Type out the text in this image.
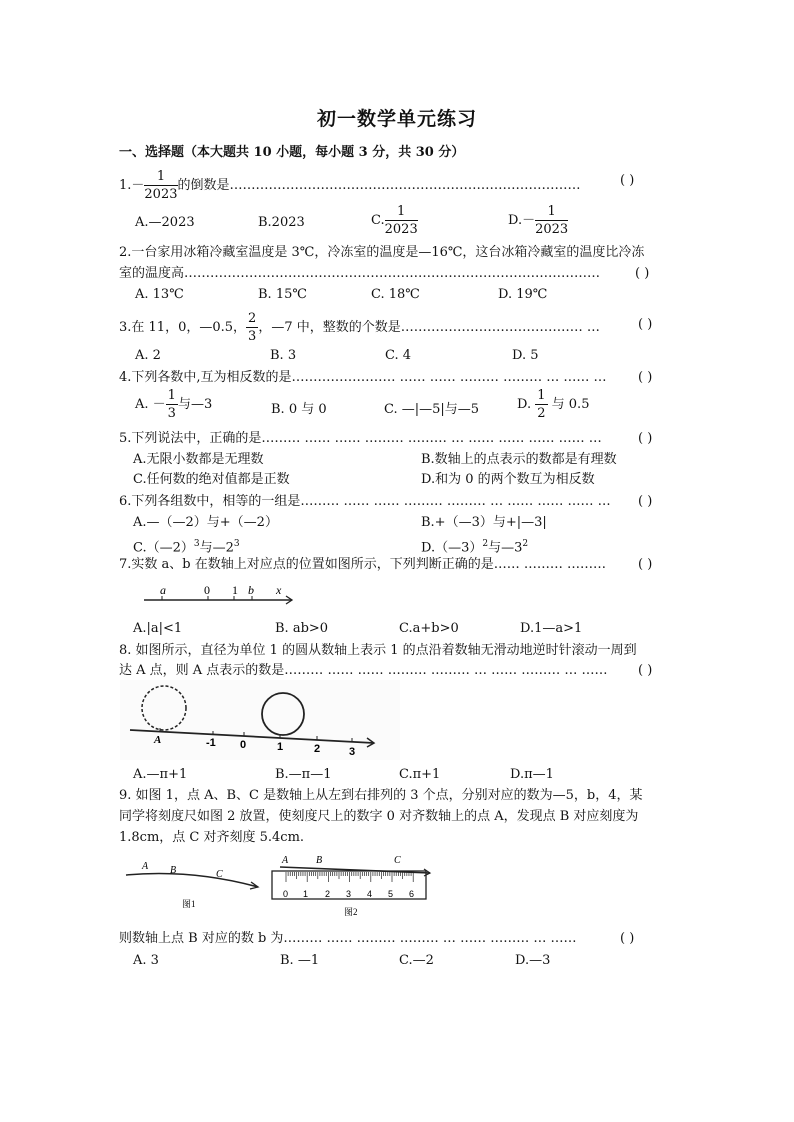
初一数学单元练习
一、选择题（本大题共 10 小题，每小题 3 分，共 30 分）
$1.- \frac{1}{2023}$ 的倒数是………………………………………………………………………	( )
A.—2023	B.2023	C. $\frac{1}{2023}$	$D.- \frac{1}{2023}$
2.一台家用冰箱冷藏室温度是 3℃，冷冻室的温度是—16℃，这台冰箱冷藏室的温度比冷冻
室的温度高……………………………………………………………………………………	( )
A. 13℃	B. 15℃	C. 18℃	D. 19℃
3.在 11，0，—0.5， $\frac{2}{3}$ ，—7 中，整数的个数是…………………………………… …	( )
A. 2	B. 3	C. 4	D. 5
4.下列各数中,互为相反数的是…………………… …… …… ……… ……… … …… … ( )
A. － $\frac{1}{3}$ 与—3	B. 0 与 0	C. —|—5|与—5	D. $\frac{1}{2}$ 与 0.5
5.下列说法中，正确的是……… …… …… ……… ……… … …… …… …… …… …	( )
A.无限小数都是无理数	B.数轴上的点表示的数都是有理数
C.任何数的绝对值都是正数	D.和为 0 的两个数互为相反数
6.下列各组数中，相等的一组是……… …… …… ……… ……… … …… …… …… … ( )
A.—（—2）与+（—2）	B.+（—3）与+|—3|
C.（—2）$^3$与$—2^3$	D.（—3）$^2$与$—3^2$
7.实数 a、b 在数轴上对应点的位置如图所示，下列判断正确的是…… ……… ……… ( )
a	0 1 b x
A.|a|<1	B. ab>0	C.a+b>0	D.1—a>1
8. 如图所示，直径为单位 1 的圆从数轴上表示 1 的点沿着数轴无滑动地逆时针滚动一周到
达 A 点，则 A 点表示的数是……… …… …… ……… ……… … …… ……… … …… ( )
A	-1 0	1	2	3
A.—π+1	B.—π—1	C.π+1	D.π—1
9. 如图 1，点 A、B、C 是数轴上从左到右排列的 3 个点，分别对应的数为—5，b，4，某
同学将刻度尺如图 2 放置，使刻度尺上的数字 0 对齐数轴上的点 A，发现点 B 对应刻度为
1.8cm，点 C 对齐刻度 5.4cm.
A B	C
图1
A	B	C
0 1 2 3 4 5 6
图2
则数轴上点 B 对应的数 b 为……… …… ……… ……… … …… ……… … ……	( )
A. 3	B. —1	C.—2	D.—3
